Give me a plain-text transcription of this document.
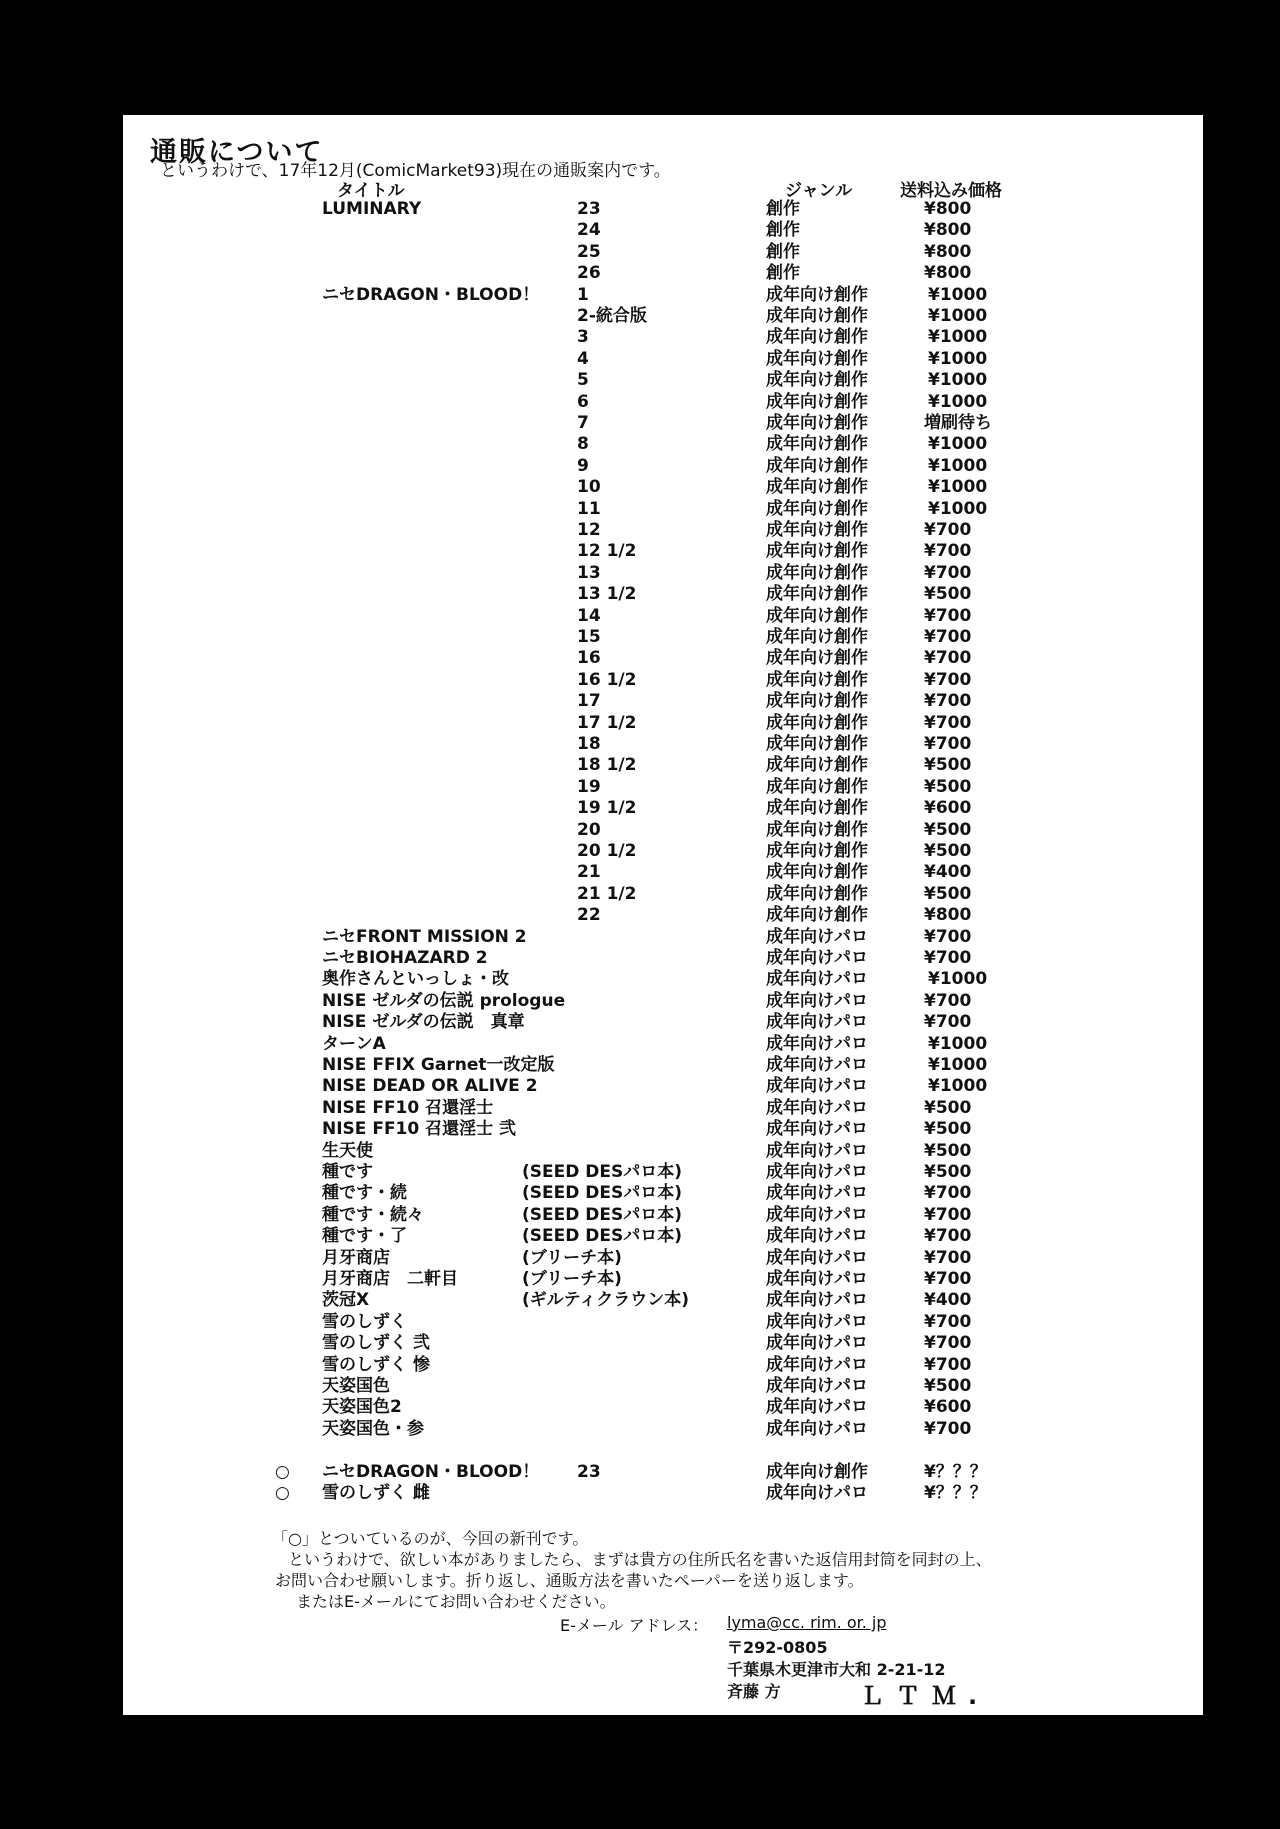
通販について
というわけで、17年12月(ComicMarket93)現在の通販案内です。
タイトル	ジャンル	送料込み価格
LUMINARY	23	創作	¥800
24	創作	¥800
25	創作	¥800
26	創作	¥800
ニセDRAGON・BLOOD！ 1	成年向け創作	¥1000
2-統合版	成年向け創作	¥1000
3	成年向け創作	¥1000
4	成年向け創作	¥1000
5	成年向け創作	¥1000
6	成年向け創作	¥1000
7	成年向け創作	増刷待ち
8	成年向け創作	¥1000
9	成年向け創作	¥1000
10	成年向け創作	¥1000
11	成年向け創作	¥1000
12	成年向け創作	¥700
12 1/2	成年向け創作	¥700
13	成年向け創作	¥700
13 1/2	成年向け創作	¥500
14	成年向け創作	¥700
15	成年向け創作	¥700
16	成年向け創作	¥700
16 1/2	成年向け創作	¥700
17	成年向け創作	¥700
17 1/2	成年向け創作	¥700
18	成年向け創作	¥700
18 1/2	成年向け創作	¥500
19	成年向け創作	¥500
19 1/2	成年向け創作	¥600
20	成年向け創作	¥500
20 1/2	成年向け創作	¥500
21	成年向け創作	¥400
21 1/2	成年向け創作	¥500
22	成年向け創作	¥800
ニセFRONT MISSION 2	成年向けパロ	¥700
ニセBIOHAZARD 2	成年向けパロ	¥700
奥作さんといっしょ・改	成年向けパロ	¥1000
NISE ゼルダの伝説 prologue	成年向けパロ	¥700
NISE ゼルダの伝説　真章	成年向けパロ	¥700
ターンA	成年向けパロ	¥1000
NISE FFIX Garnet一改定版	成年向けパロ	¥1000
NISE DEAD OR ALIVE 2	成年向けパロ	¥1000
NISE FF10 召還淫士	成年向けパロ	¥500
NISE FF10 召還淫士 弐	成年向けパロ	¥500
生天使	成年向けパロ	¥500
種です	(SEED DESパロ本)	成年向けパロ	¥500
種です・続	(SEED DESパロ本)	成年向けパロ	¥700
種です・続々	(SEED DESパロ本)	成年向けパロ	¥700
種です・了	(SEED DESパロ本)	成年向けパロ	¥700
月牙商店	(ブリーチ本)	成年向けパロ	¥700
月牙商店　二軒目	(ブリーチ本)	成年向けパロ	¥700
茨冠X	(ギルティクラウン本)	成年向けパロ	¥400
雪のしずく	成年向けパロ	¥700
雪のしずく 弐	成年向けパロ	¥700
雪のしずく 惨	成年向けパロ	¥700
天姿国色	成年向けパロ	¥500
天姿国色2	成年向けパロ	¥600
天姿国色・参	成年向けパロ	¥700
○ ニセDRAGON・BLOOD！ 23	成年向け創作	¥？？？
○ 雪のしずく 雌	成年向けパロ	¥？？？
「○」とついているのが、今回の新刊です。
　というわけで、欲しい本がありましたら、まずは貴方の住所氏名を書いた返信用封筒を同封の上、
お問い合わせ願いします。折り返し、通販方法を書いたペーパーを送り返します。
　またはE-メールにてお問い合わせください。
E-メール アドレス： lyma@cc. rim. or. jp
〒292-0805
千葉県木更津市大和 2-21-12
斉藤 方	ＬＴＭ.
